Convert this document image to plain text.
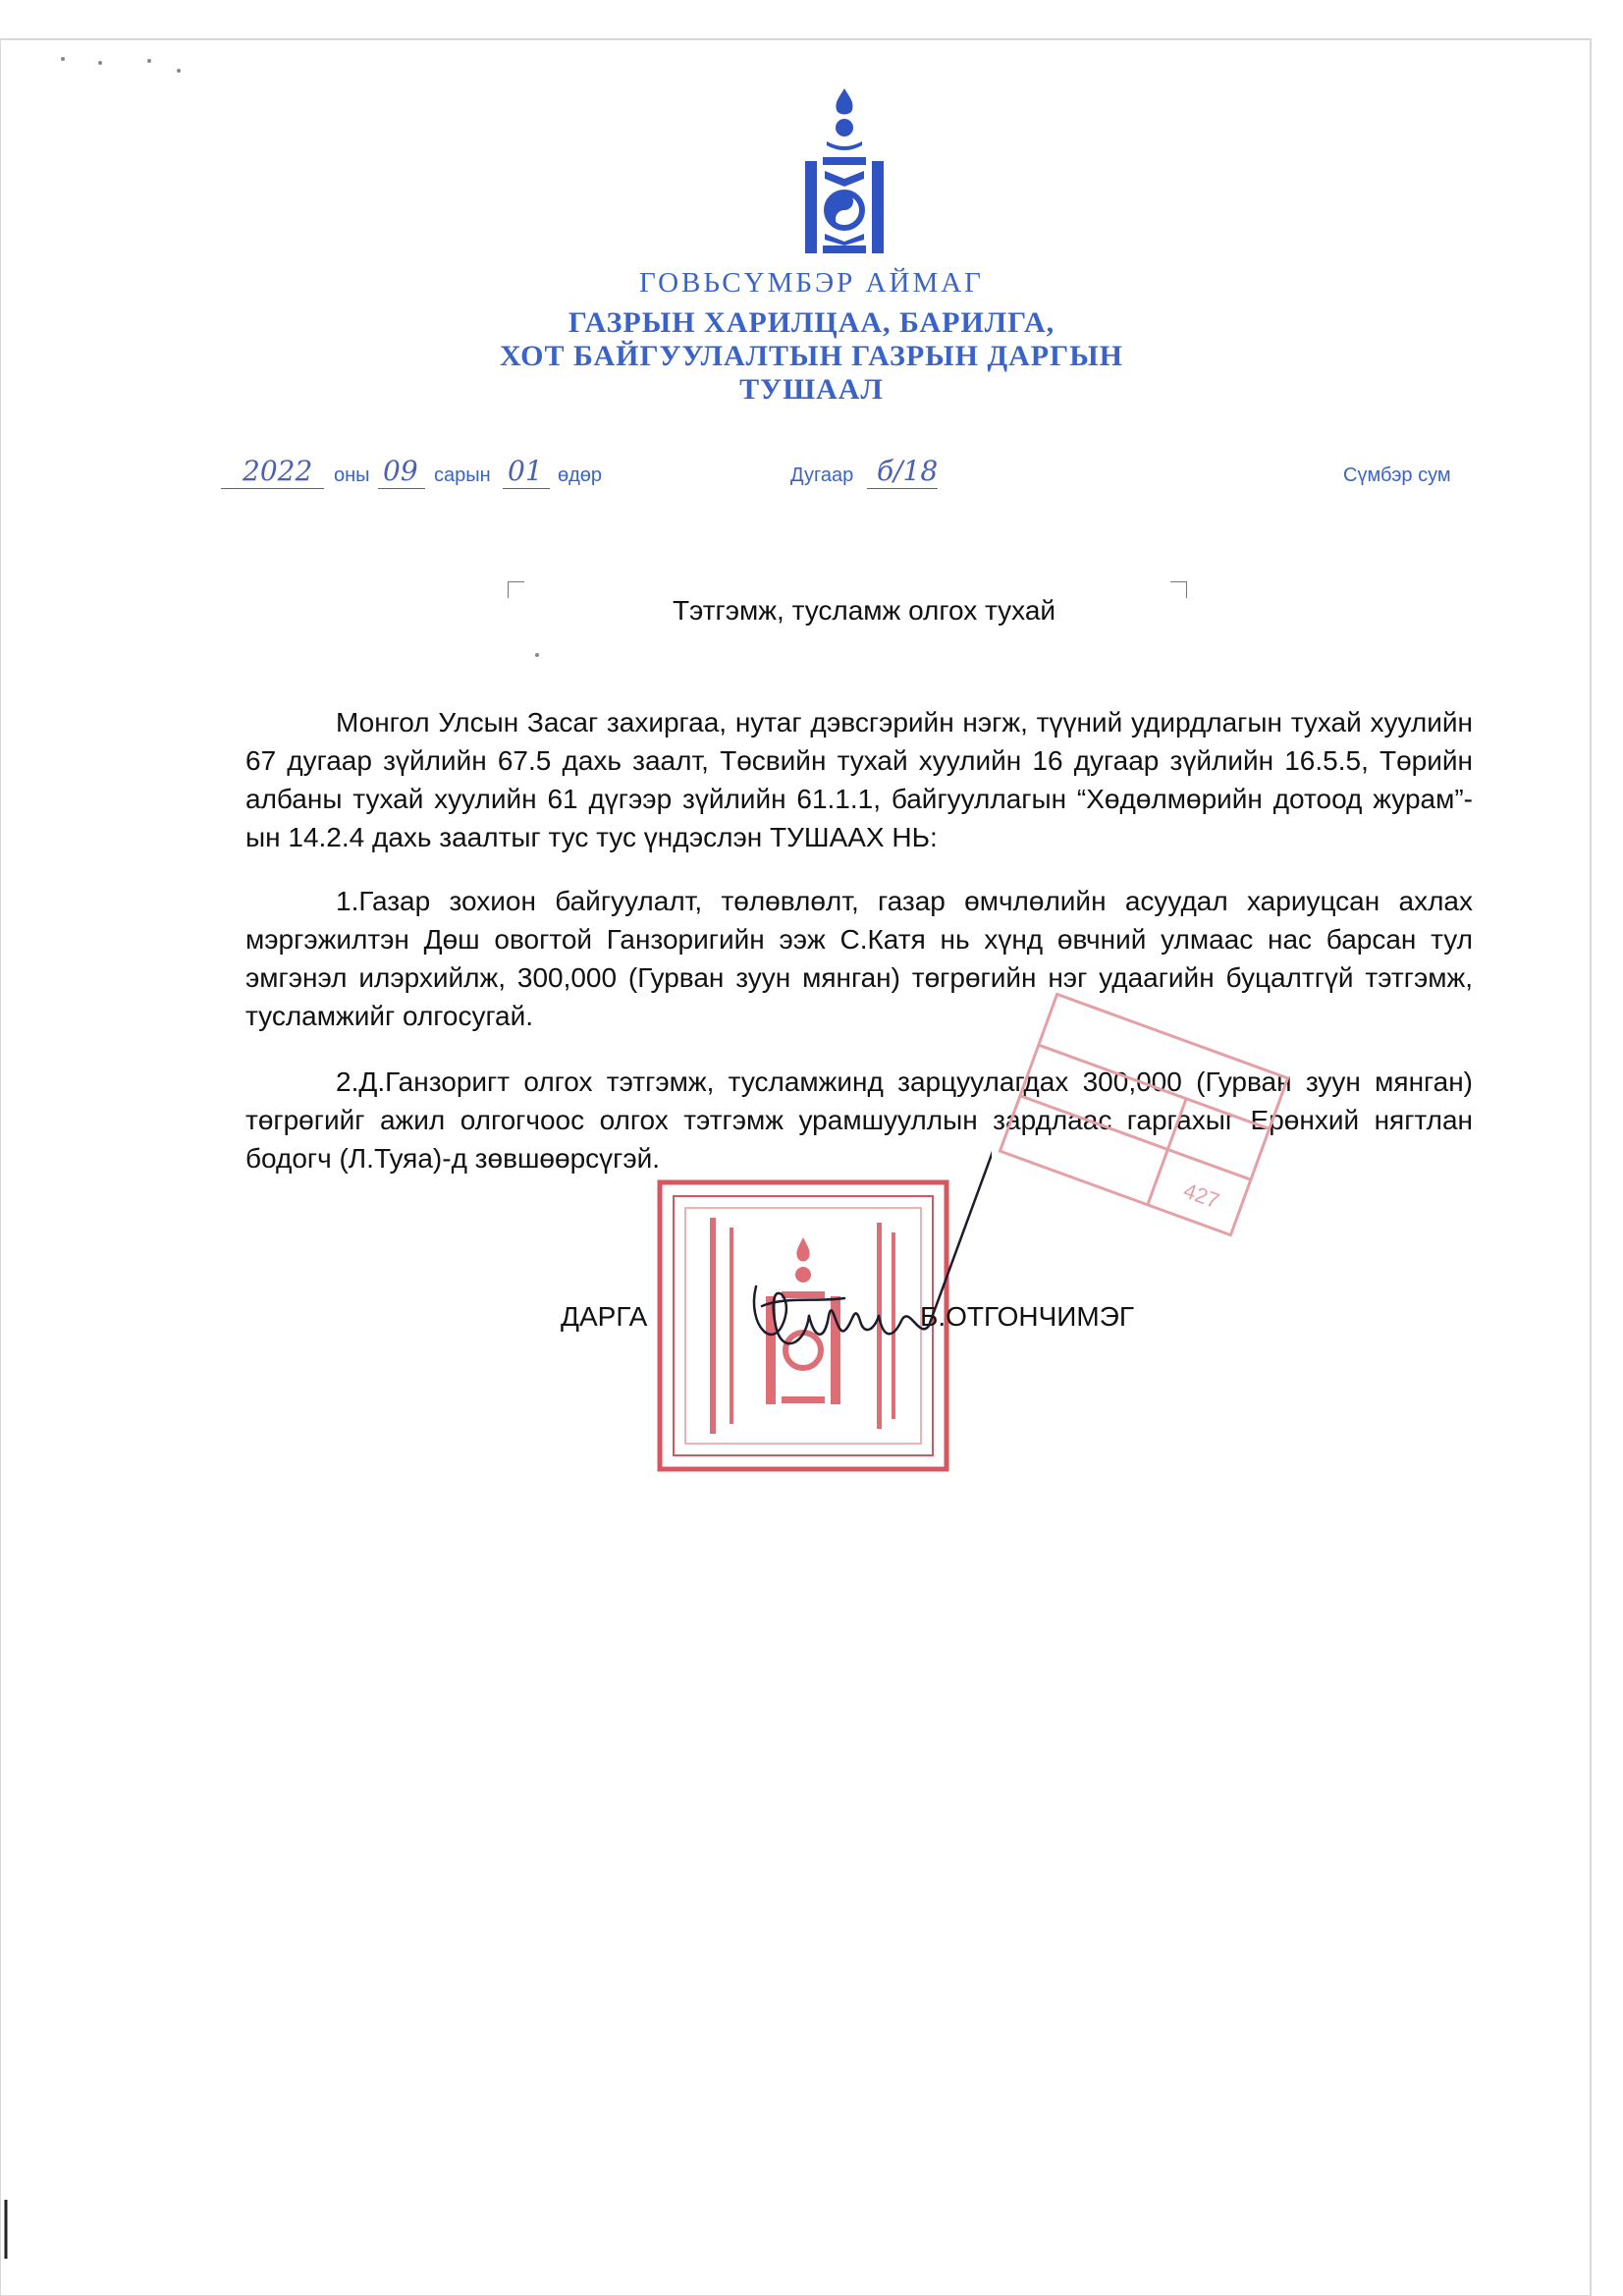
ГОВЬСҮМБЭР АЙМАГ
ГАЗРЫН ХАРИЛЦАА, БАРИЛГА,
ХОТ БАЙГУУЛАЛТЫН ГАЗРЫН ДАРГЫН
ТУШААЛ
2022 оны 09 сарын 01 өдөр	Дугаар б/18	Сүмбэр сум
Тэтгэмж, тусламж олгох тухай

Монгол Улсын Засаг захиргаа, нутаг дэвсгэрийн нэгж, түүний удирдлагын тухай хуулийн 67 дугаар зүйлийн 67.5 дахь заалт, Төсвийн тухай хуулийн 16 дугаар зүйлийн 16.5.5, Төрийн албаны тухай хуулийн 61 дүгээр зүйлийн 61.1.1, байгууллагын “Хөдөлмөрийн дотоод журам”-ын 14.2.4 дахь заалтыг тус тус үндэслэн ТУШААХ НЬ:

1.Газар зохион байгуулалт, төлөвлөлт, газар өмчлөлийн асуудал хариуцсан ахлах мэргэжилтэн Дөш овогтой Ганзоригийн ээж С.Катя нь хүнд өвчний улмаас нас барсан тул эмгэнэл илэрхийлж, 300,000 (Гурван зуун мянган) төгрөгийн нэг удаагийн буцалтгүй тэтгэмж, тусламжийг олгосугай.

2.Д.Ганзоригт олгох тэтгэмж, тусламжинд зарцуулагдах 300,000 (Гурван зуун мянган) төгрөгийг ажил олгогчоос олгох тэтгэмж урамшууллын зардлаас гаргахыг Ерөнхий нягтлан бодогч (Л.Туяа)-д зөвшөөрсүгэй.

427
ДАРГА	Б.ОТГОНЧИМЭГ
